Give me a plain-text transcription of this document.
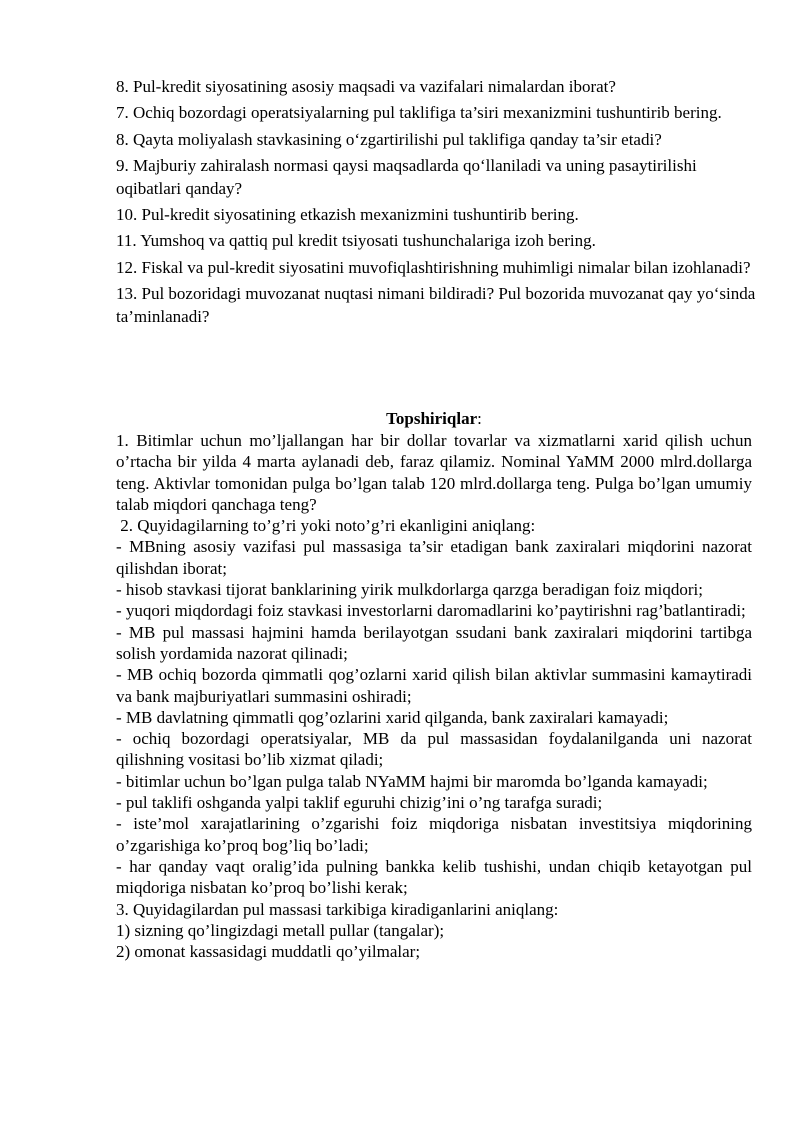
8. Pul-kredit siyosatining asosiy maqsadi va vazifalari nimalardan iborat?

7. Ochiq bozordagi operatsiyalarning pul taklifiga ta’siri mexanizmini tushuntirib bering.

8. Qayta moliyalash stavkasining oʻzgartirilishi pul taklifiga qanday ta’sir etadi?

9. Majburiy zahiralash normasi qaysi maqsadlarda qoʻllaniladi va uning pasaytirilishi oqibatlari qanday?

10. Pul-kredit siyosatining etkazish mexanizmini tushuntirib bering.

11. Yumshoq va qattiq pul kredit tsiyosati tushunchalariga izoh bering.

12. Fiskal va pul-kredit siyosatini muvofiqlashtirishning muhimligi nimalar bilan izohlanadi?

13. Pul bozoridagi muvozanat nuqtasi nimani bildiradi? Pul bozorida muvozanat qay yoʻsinda ta’minlanadi?

Topshiriqlar:

1. Bitimlar uchun mo’ljallangan har bir dollar tovarlar va xizmatlarni xarid qilish uchun o’rtacha bir yilda 4 marta aylanadi deb, faraz qilamiz. Nominal YaMM 2000 mlrd.dollarga teng. Aktivlar tomonidan pulga bo’lgan talab 120 mlrd.dollarga teng. Pulga bo’lgan umumiy talab miqdori qanchaga teng?

2. Quyidagilarning to’g’ri yoki noto’g’ri ekanligini aniqlang:

- MBning asosiy vazifasi pul massasiga ta’sir etadigan bank zaxiralari miqdorini nazorat qilishdan iborat;

- hisob stavkasi tijorat banklarining yirik mulkdorlarga qarzga beradigan foiz miqdori;

- yuqori miqdordagi foiz stavkasi investorlarni daromadlarini ko’paytirishni rag’batlantiradi;

- MB pul massasi hajmini hamda berilayotgan ssudani bank zaxiralari miqdorini tartibga solish yordamida nazorat qilinadi;

- MB ochiq bozorda qimmatli qog’ozlarni xarid qilish bilan aktivlar summasini kamaytiradi va bank majburiyatlari summasini oshiradi;

- MB davlatning qimmatli qog’ozlarini xarid qilganda, bank zaxiralari kamayadi;

- ochiq bozordagi operatsiyalar, MB da pul massasidan foydalanilganda uni nazorat qilishning vositasi bo’lib xizmat qiladi;

- bitimlar uchun bo’lgan pulga talab NYaMM hajmi bir maromda bo’lganda kamayadi;

- pul taklifi oshganda yalpi taklif eguruhi chizig’ini o’ng tarafga suradi;

- iste’mol xarajatlarining o’zgarishi foiz miqdoriga nisbatan investitsiya miqdorining o’zgarishiga ko’proq bog’liq bo’ladi;

- har qanday vaqt oralig’ida pulning bankka kelib tushishi, undan chiqib ketayotgan pul miqdoriga nisbatan ko’proq bo’lishi kerak;

3. Quyidagilardan pul massasi tarkibiga kiradiganlarini aniqlang:

1) sizning qo’lingizdagi metall pullar (tangalar);

2) omonat kassasidagi muddatli qo’yilmalar;
